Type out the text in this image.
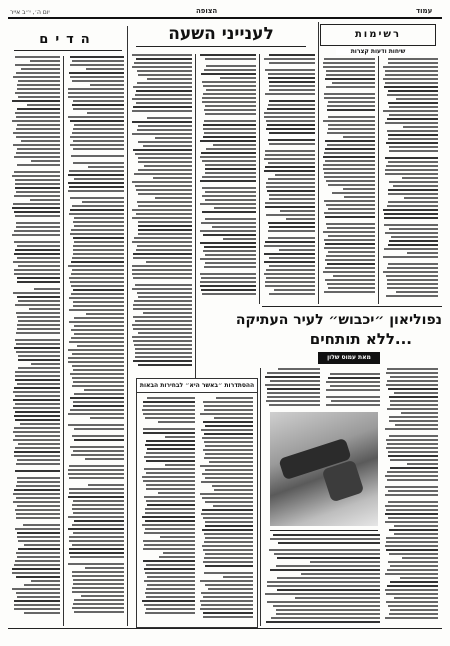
יום ה׳, י״ב אייר	הצופה	עמוד
הדים	לענייני השעה	רשימות
שיחות ודעות קצרות
ההסתדרות ״באשר היא״ לבחירות הבאות
נפוליאון ״יכבוש״ לעיר העתיקה
...ללא תותחים
מאת עמוס שלון
